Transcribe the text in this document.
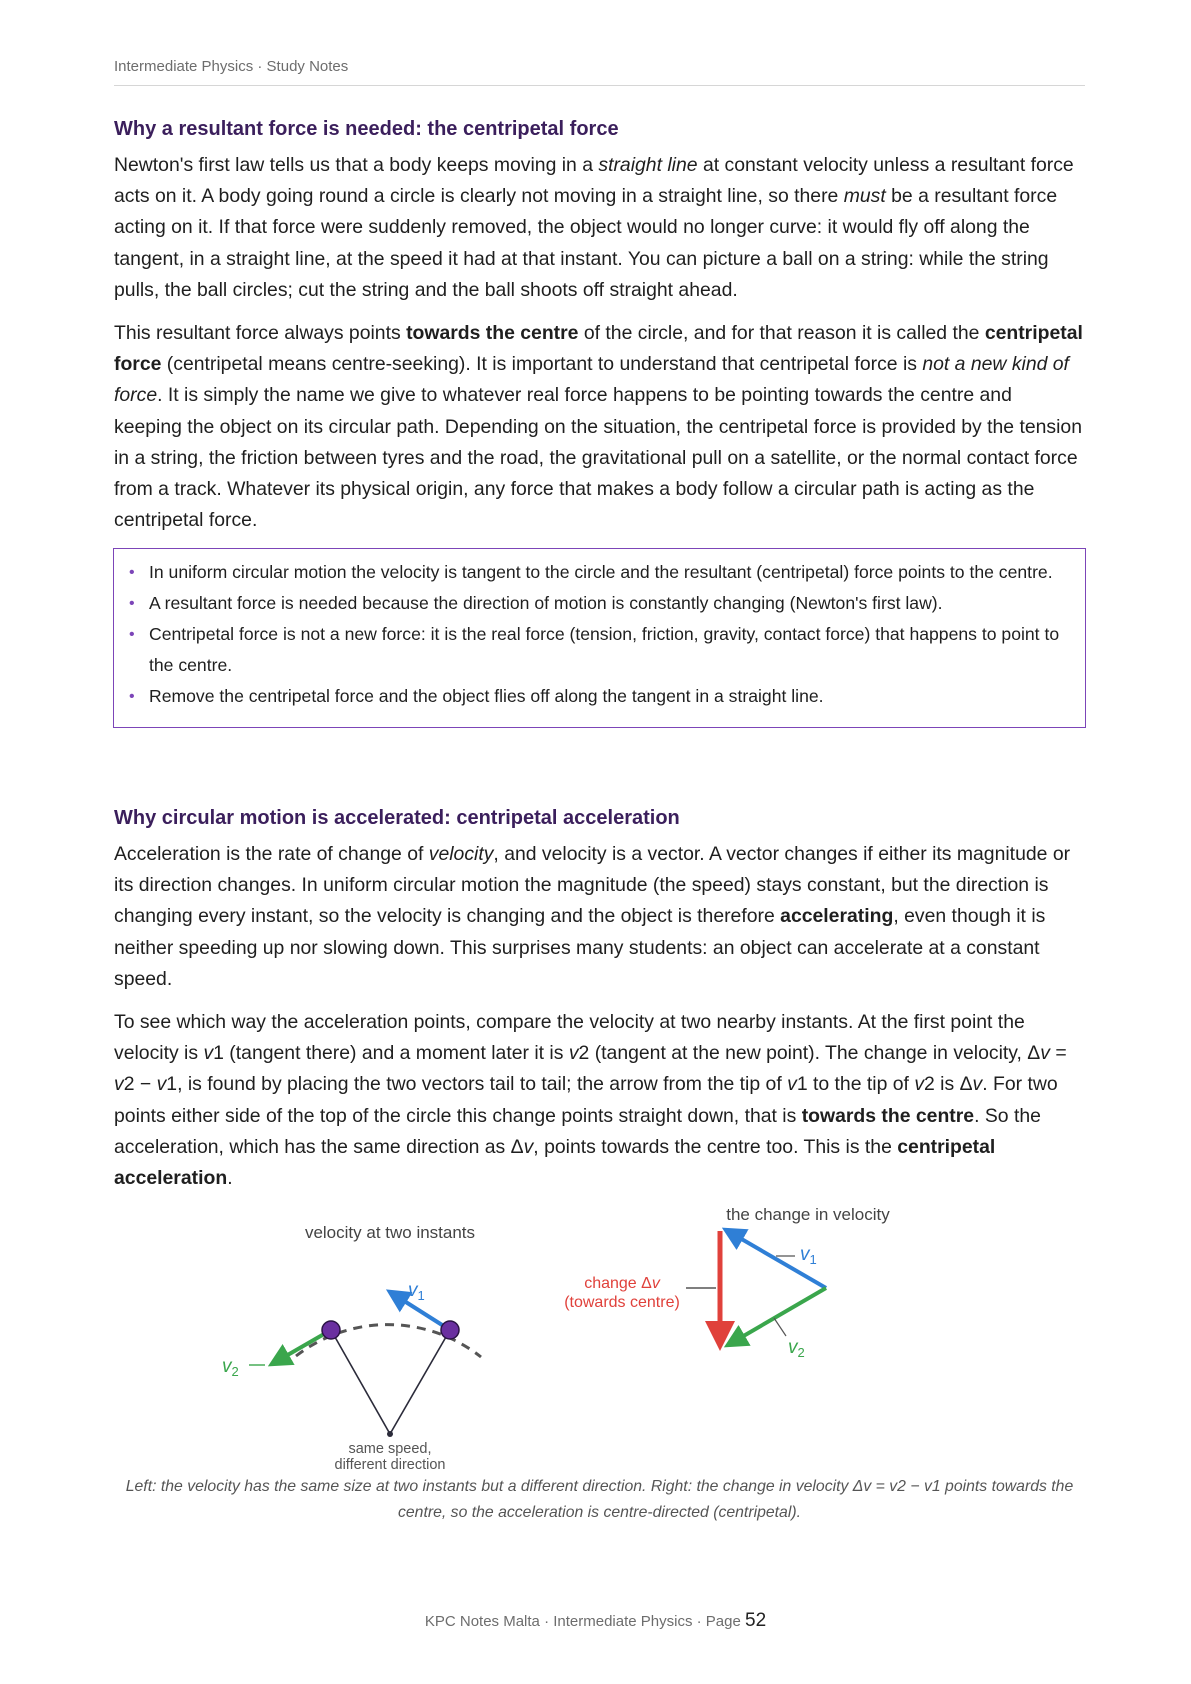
Intermediate Physics · Study Notes
Why a resultant force is needed: the centripetal force

Newton's first law tells us that a body keeps moving in a straight line at constant velocity unless a resultant force acts on it. A body going round a circle is clearly not moving in a straight line, so there must be a resultant force acting on it. If that force were suddenly removed, the object would no longer curve: it would fly off along the tangent, in a straight line, at the speed it had at that instant. You can picture a ball on a string: while the string pulls, the ball circles; cut the string and the ball shoots off straight ahead.

This resultant force always points towards the centre of the circle, and for that reason it is called the centripetal force (centripetal means centre-seeking). It is important to understand that centripetal force is not a new kind of force. It is simply the name we give to whatever real force happens to be pointing towards the centre and keeping the object on its circular path. Depending on the situation, the centripetal force is provided by the tension in a string, the friction between tyres and the road, the gravitational pull on a satellite, or the normal contact force from a track. Whatever its physical origin, any force that makes a body follow a circular path is acting as the centripetal force.

• In uniform circular motion the velocity is tangent to the circle and the resultant (centripetal) force points to the centre.
• A resultant force is needed because the direction of motion is constantly changing (Newton's first law).
• Centripetal force is not a new force: it is the real force (tension, friction, gravity, contact force) that happens to point to the centre.
• Remove the centripetal force and the object flies off along the tangent in a straight line.
Why circular motion is accelerated: centripetal acceleration

Acceleration is the rate of change of velocity, and velocity is a vector. A vector changes if either its magnitude or its direction changes. In uniform circular motion the magnitude (the speed) stays constant, but the direction is changing every instant, so the velocity is changing and the object is therefore accelerating, even though it is neither speeding up nor slowing down. This surprises many students: an object can accelerate at a constant speed.

To see which way the acceleration points, compare the velocity at two nearby instants. At the first point the velocity is v1 (tangent there) and a moment later it is v2 (tangent at the new point). The change in velocity, Δv = v2 − v1, is found by placing the two vectors tail to tail; the arrow from the tip of v1 to the tip of v2 is Δv. For two points either side of the top of the circle this change points straight down, that is towards the centre. So the acceleration, which has the same direction as Δv, points towards the centre too. This is the centripetal acceleration.

velocity at two instants
$v_1$
$v_2$
same speed,
different direction
the change in velocity
$v_1$
$v_2$
change Δv
(towards centre)
Left: the velocity has the same size at two instants but a different direction. Right: the change in velocity Δv = v2 − v1 points towards the centre, so the acceleration is centre-directed (centripetal).
KPC Notes Malta · Intermediate Physics · Page 52
